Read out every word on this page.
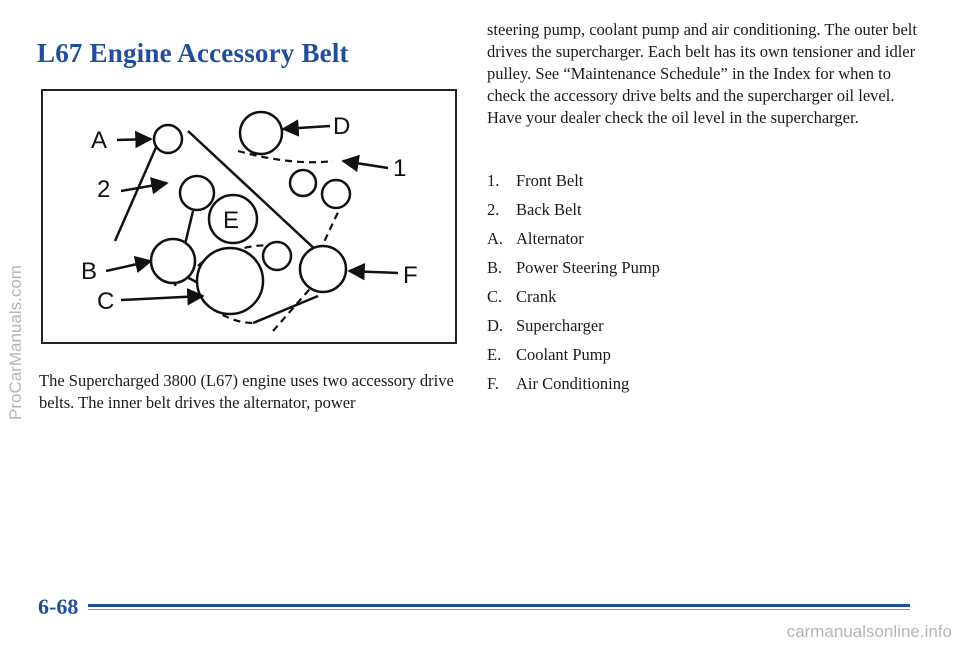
L67 Engine Accessory Belt
A
2
B
C
D
E
F
1

The Supercharged 3800 (L67) engine uses two accessory drive belts. The inner belt drives the alternator, power

steering pump, coolant pump and air conditioning. The outer belt drives the supercharger. Each belt has its own tensioner and idler pulley. See “Maintenance Schedule” in the Index for when to check the accessory drive belts and the supercharger oil level. Have your dealer check the oil level in the supercharger.

1. Front Belt
2. Back Belt
A. Alternator
B. Power Steering Pump
C. Crank
D. Supercharger
E. Coolant Pump
F. Air Conditioning
6-68
ProCarManuals.com
carmanualsonline.info
